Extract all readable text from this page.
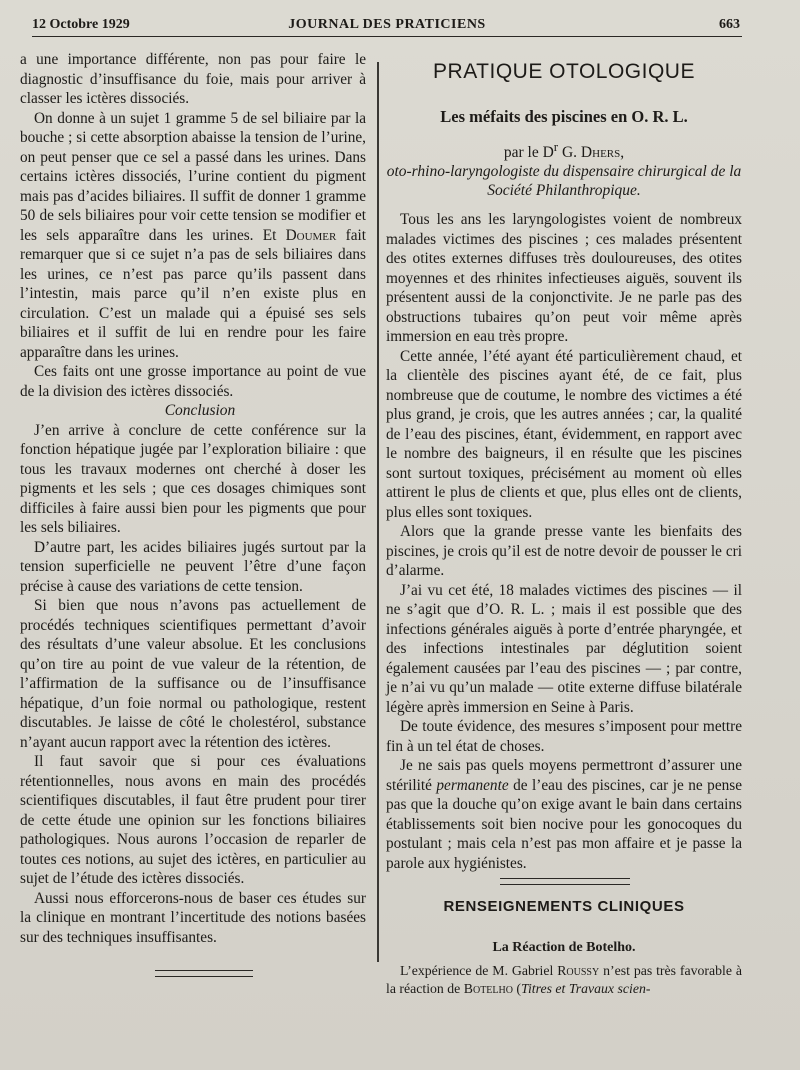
12 Octobre 1929	JOURNAL DES PRATICIENS	663

a une importance différente, non pas pour faire le diagnostic d’insuffisance du foie, mais pour arriver à classer les ictères dissociés.

On donne à un sujet 1 gramme 5 de sel biliaire par la bouche ; si cette absorption abaisse la tension de l’urine, on peut penser que ce sel a passé dans les urines. Dans certains ictères dissociés, l’urine contient du pigment mais pas d’acides biliaires. Il suffit de donner 1 gramme 50 de sels biliaires pour voir cette tension se modifier et les sels apparaître dans les urines. Et Doumer fait remarquer que si ce sujet n’a pas de sels biliaires dans les urines, ce n’est pas parce qu’ils passent dans l’intestin, mais parce qu’il n’en existe plus en circulation. C’est un malade qui a épuisé ses sels biliaires et il suffit de lui en rendre pour les faire apparaître dans les urines.

Ces faits ont une grosse importance au point de vue de la division des ictères dissociés.

Conclusion

J’en arrive à conclure de cette conférence sur la fonction hépatique jugée par l’exploration biliaire : que tous les travaux modernes ont cherché à doser les pigments et les sels ; que ces dosages chimiques sont difficiles à faire aussi bien pour les pigments que pour les sels biliaires.

D’autre part, les acides biliaires jugés surtout par la tension superficielle ne peuvent l’être d’une façon précise à cause des variations de cette tension.

Si bien que nous n’avons pas actuellement de procédés techniques scientifiques permettant d’avoir des résultats d’une valeur absolue. Et les conclusions qu’on tire au point de vue valeur de la rétention, de l’affirmation de la suffisance ou de l’insuffisance hépatique, d’un foie normal ou pathologique, restent discutables. Je laisse de côté le cholestérol, substance n’ayant aucun rapport avec la rétention des ictères.

Il faut savoir que si pour ces évaluations rétentionnelles, nous avons en main des procédés scientifiques discutables, il faut être prudent pour tirer de cette étude une opinion sur les fonctions biliaires pathologiques. Nous aurons l’occasion de reparler de toutes ces notions, au sujet des ictères, en particulier au sujet de l’étude des ictères dissociés.

Aussi nous efforcerons-nous de baser ces études sur la clinique en montrant l’incertitude des notions basées sur des techniques insuffisantes.

PRATIQUE OTOLOGIQUE
Les méfaits des piscines en O. R. L.
par le $D^r$ G. Dhers,
oto-rhino-laryngologiste du dispensaire chirurgical de la Société Philanthropique.

Tous les ans les laryngologistes voient de nombreux malades victimes des piscines ; ces malades présentent des otites externes diffuses très douloureuses, des otites moyennes et des rhinites infectieuses aiguës, souvent ils présentent aussi de la conjonctivite. Je ne parle pas des obstructions tubaires qu’on peut voir même après immersion en eau très propre.

Cette année, l’été ayant été particulièrement chaud, et la clientèle des piscines ayant été, de ce fait, plus nombreuse que de coutume, le nombre des victimes a été plus grand, je crois, que les autres années ; car, la qualité de l’eau des piscines, étant, évidemment, en rapport avec le nombre des baigneurs, il en résulte que les piscines sont surtout toxiques, précisément au moment où elles attirent le plus de clients et que, plus elles ont de clients, plus elles sont toxiques.

Alors que la grande presse vante les bienfaits des piscines, je crois qu’il est de notre devoir de pousser le cri d’alarme.

J’ai vu cet été, 18 malades victimes des piscines — il ne s’agit que d’O. R. L. ; mais il est possible que des infections générales aiguës à porte d’entrée pharyngée, et des infections intestinales par déglutition soient également causées par l’eau des piscines — ; par contre, je n’ai vu qu’un malade — otite externe diffuse bilatérale légère après immersion en Seine à Paris.

De toute évidence, des mesures s’imposent pour mettre fin à un tel état de choses.

Je ne sais pas quels moyens permettront d’assurer une stérilité permanente de l’eau des piscines, car je ne pense pas que la douche qu’on exige avant le bain dans certains établissements soit bien nocive pour les gonocoques du postulant ; mais cela n’est pas mon affaire et je passe la parole aux hygiénistes.

RENSEIGNEMENTS CLINIQUES
La Réaction de Botelho.

L’expérience de M. Gabriel Roussy n’est pas très favorable à la réaction de Botelho (Titres et Travaux scien-
